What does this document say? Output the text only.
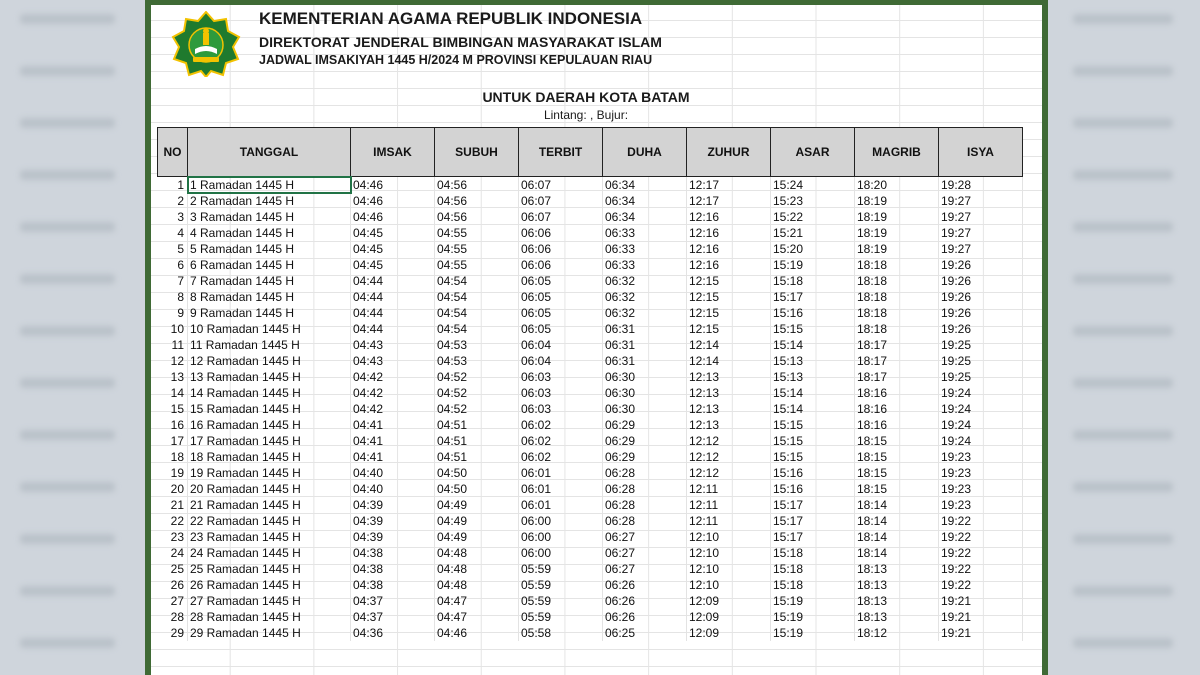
KEMENTERIAN AGAMA REPUBLIK INDONESIA
DIREKTORAT JENDERAL BIMBINGAN MASYARAKAT ISLAM
JADWAL IMSAKIYAH 1445 H/2024 M PROVINSI KEPULAUAN RIAU
UNTUK DAERAH KOTA BATAM
Lintang: , Bujur:
NO	TANGGAL	IMSAK	SUBUH	TERBIT	DUHA	ZUHUR	ASAR	MAGRIB	ISYA
1	1 Ramadan 1445 H	04:46	04:56	06:07	06:34	12:17	15:24	18:20	19:28
2	2 Ramadan 1445 H	04:46	04:56	06:07	06:34	12:17	15:23	18:19	19:27
3	3 Ramadan 1445 H	04:46	04:56	06:07	06:34	12:16	15:22	18:19	19:27
4	4 Ramadan 1445 H	04:45	04:55	06:06	06:33	12:16	15:21	18:19	19:27
5	5 Ramadan 1445 H	04:45	04:55	06:06	06:33	12:16	15:20	18:19	19:27
6	6 Ramadan 1445 H	04:45	04:55	06:06	06:33	12:16	15:19	18:18	19:26
7	7 Ramadan 1445 H	04:44	04:54	06:05	06:32	12:15	15:18	18:18	19:26
8	8 Ramadan 1445 H	04:44	04:54	06:05	06:32	12:15	15:17	18:18	19:26
9	9 Ramadan 1445 H	04:44	04:54	06:05	06:32	12:15	15:16	18:18	19:26
10	10 Ramadan 1445 H	04:44	04:54	06:05	06:31	12:15	15:15	18:18	19:26
11	11 Ramadan 1445 H	04:43	04:53	06:04	06:31	12:14	15:14	18:17	19:25
12	12 Ramadan 1445 H	04:43	04:53	06:04	06:31	12:14	15:13	18:17	19:25
13	13 Ramadan 1445 H	04:42	04:52	06:03	06:30	12:13	15:13	18:17	19:25
14	14 Ramadan 1445 H	04:42	04:52	06:03	06:30	12:13	15:14	18:16	19:24
15	15 Ramadan 1445 H	04:42	04:52	06:03	06:30	12:13	15:14	18:16	19:24
16	16 Ramadan 1445 H	04:41	04:51	06:02	06:29	12:13	15:15	18:16	19:24
17	17 Ramadan 1445 H	04:41	04:51	06:02	06:29	12:12	15:15	18:15	19:24
18	18 Ramadan 1445 H	04:41	04:51	06:02	06:29	12:12	15:15	18:15	19:23
19	19 Ramadan 1445 H	04:40	04:50	06:01	06:28	12:12	15:16	18:15	19:23
20	20 Ramadan 1445 H	04:40	04:50	06:01	06:28	12:11	15:16	18:15	19:23
21	21 Ramadan 1445 H	04:39	04:49	06:01	06:28	12:11	15:17	18:14	19:23
22	22 Ramadan 1445 H	04:39	04:49	06:00	06:28	12:11	15:17	18:14	19:22
23	23 Ramadan 1445 H	04:39	04:49	06:00	06:27	12:10	15:17	18:14	19:22
24	24 Ramadan 1445 H	04:38	04:48	06:00	06:27	12:10	15:18	18:14	19:22
25	25 Ramadan 1445 H	04:38	04:48	05:59	06:27	12:10	15:18	18:13	19:22
26	26 Ramadan 1445 H	04:38	04:48	05:59	06:26	12:10	15:18	18:13	19:22
27	27 Ramadan 1445 H	04:37	04:47	05:59	06:26	12:09	15:19	18:13	19:21
28	28 Ramadan 1445 H	04:37	04:47	05:59	06:26	12:09	15:19	18:13	19:21
29	29 Ramadan 1445 H	04:36	04:46	05:58	06:25	12:09	15:19	18:12	19:21
